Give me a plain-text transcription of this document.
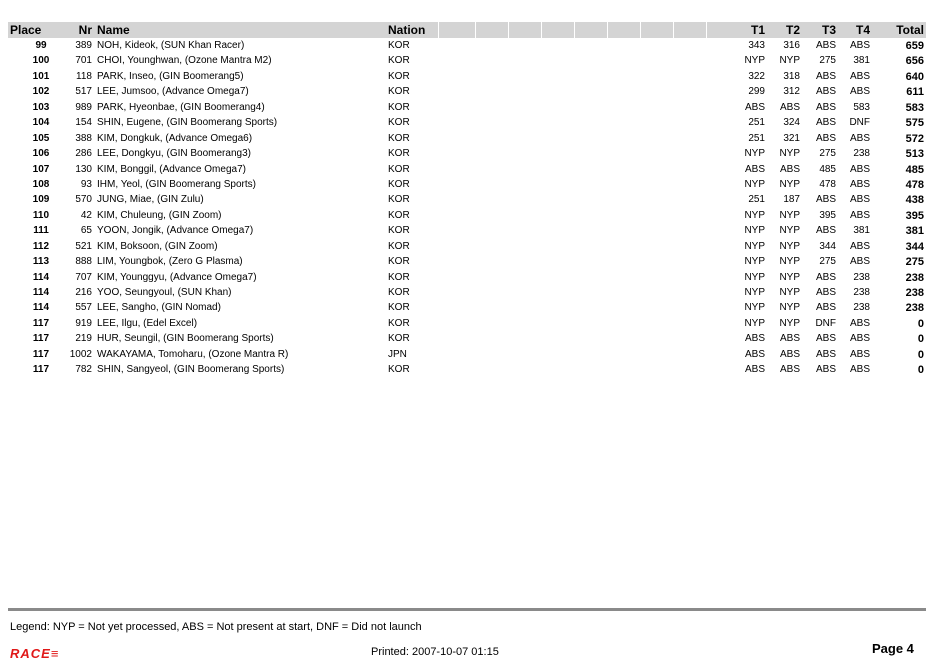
Place	Nr Name	Nation	T1	T2	T3	T4	Total
99	389 NOH, Kideok, (SUN Khan Racer)	KOR	343	316	ABS	ABS	659
100	701 CHOI, Younghwan, (Ozone Mantra M2)	KOR	NYP	NYP	275	381	656
101	118 PARK, Inseo, (GIN Boomerang5)	KOR	322	318	ABS	ABS	640
102	517 LEE, Jumsoo, (Advance Omega7)	KOR	299	312	ABS	ABS	611
103	989 PARK, Hyeonbae, (GIN Boomerang4)	KOR	ABS	ABS	ABS	583	583
104	154 SHIN, Eugene, (GIN Boomerang Sports)	KOR	251	324	ABS	DNF	575
105	388 KIM, Dongkuk, (Advance Omega6)	KOR	251	321	ABS	ABS	572
106	286 LEE, Dongkyu, (GIN Boomerang3)	KOR	NYP	NYP	275	238	513
107	130 KIM, Bonggil, (Advance Omega7)	KOR	ABS	ABS	485	ABS	485
108	93 IHM, Yeol, (GIN Boomerang Sports)	KOR	NYP	NYP	478	ABS	478
109	570 JUNG, Miae, (GIN Zulu)	KOR	251	187	ABS	ABS	438
110	42 KIM, Chuleung, (GIN Zoom)	KOR	NYP	NYP	395	ABS	395
111	65 YOON, Jongik, (Advance Omega7)	KOR	NYP	NYP	ABS	381	381
112	521 KIM, Boksoon, (GIN Zoom)	KOR	NYP	NYP	344	ABS	344
113	888 LIM, Youngbok, (Zero G Plasma)	KOR	NYP	NYP	275	ABS	275
114	707 KIM, Younggyu, (Advance Omega7)	KOR	NYP	NYP	ABS	238	238
114	216 YOO, Seungyoul, (SUN Khan)	KOR	NYP	NYP	ABS	238	238
114	557 LEE, Sangho, (GIN Nomad)	KOR	NYP	NYP	ABS	238	238
117	919 LEE, Ilgu, (Edel Excel)	KOR	NYP	NYP	DNF	ABS	0
117	219 HUR, Seungil, (GIN Boomerang Sports)	KOR	ABS	ABS	ABS	ABS	0
117	1002 WAKAYAMA, Tomoharu, (Ozone Mantra R)	JPN	ABS	ABS	ABS	ABS	0
117	782 SHIN, Sangyeol, (GIN Boomerang Sports)	KOR	ABS	ABS	ABS	ABS	0
Legend: NYP = Not yet processed, ABS = Not present at start, DNF = Did not launch
RACE≡	Printed: 2007-10-07 01:15	Page 4
